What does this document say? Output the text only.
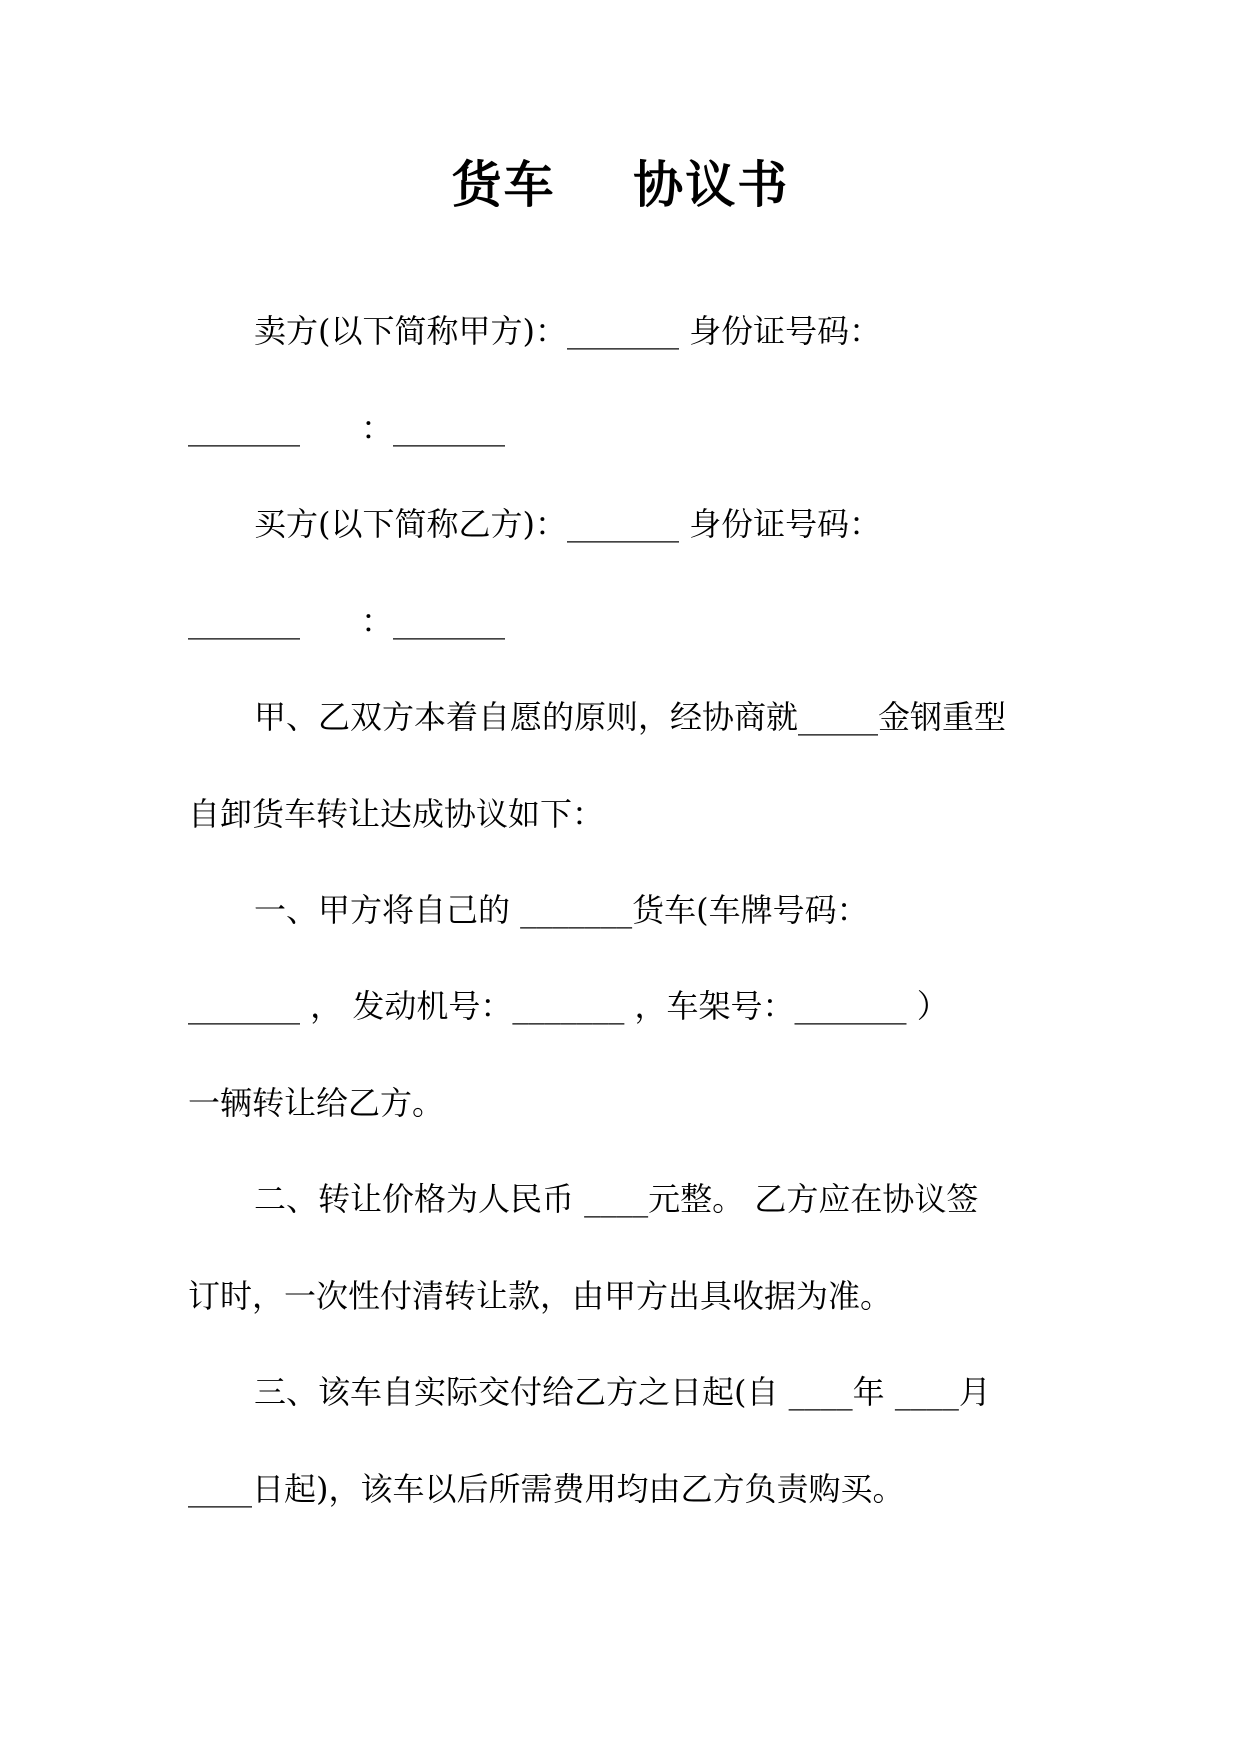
货车    协议书
卖方(以下简称甲方)：_______ 身份证号码：
_______      ：_______
买方(以下简称乙方)：_______ 身份证号码：
_______      ：_______
甲、乙双方本着自愿的原则，经协商就_____金钢重型
自卸货车转让达成协议如下：
一、甲方将自己的 _______货车(车牌号码：
_______ ， 发动机号：_______ ，车架号：_______ ）
一辆转让给乙方。
二、转让价格为人民币 ____元整。 乙方应在协议签
订时，一次性付清转让款，由甲方出具收据为准。
三、该车自实际交付给乙方之日起(自 ____年 ____月
____日起)，该车以后所需费用均由乙方负责购买。
